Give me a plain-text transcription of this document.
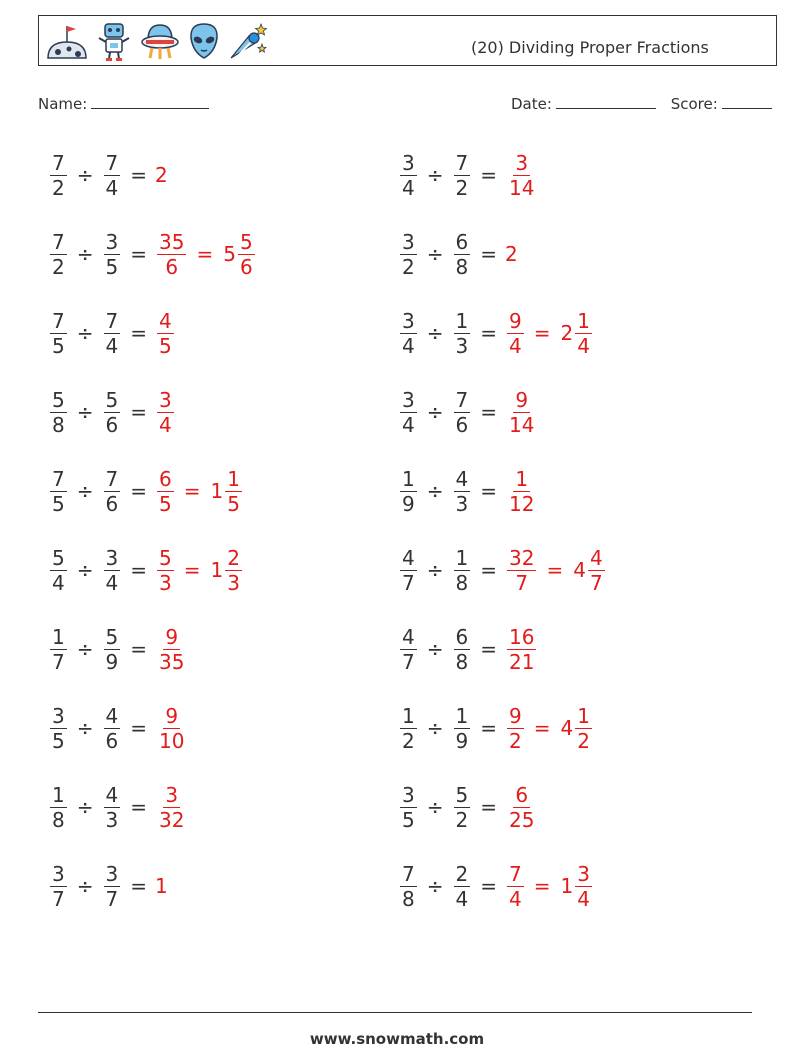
(20) Dividing Proper Fractions
Name:	Date:	Score:
$\frac{7}{2} \div \frac{7}{4} = 2$	$\frac{3}{4} \div \frac{7}{2} = \frac{3}{14}$
$\frac{7}{2} \div \frac{3}{5} = \frac{35}{6} = 5 \frac{5}{6}$	$\frac{3}{2} \div \frac{6}{8} = 2$
$\frac{7}{5} \div \frac{7}{4} = \frac{4}{5}$	$\frac{3}{4} \div \frac{1}{3} = \frac{9}{4} = 2 \frac{1}{4}$
$\frac{5}{8} \div \frac{5}{6} = \frac{3}{4}$	$\frac{3}{4} \div \frac{7}{6} = \frac{9}{14}$
$\frac{7}{5} \div \frac{7}{6} = \frac{6}{5} = 1 \frac{1}{5}$	$\frac{1}{9} \div \frac{4}{3} = \frac{1}{12}$
$\frac{5}{4} \div \frac{3}{4} = \frac{5}{3} = 1 \frac{2}{3}$	$\frac{4}{7} \div \frac{1}{8} = \frac{32}{7} = 4 \frac{4}{7}$
$\frac{1}{7} \div \frac{5}{9} = \frac{9}{35}$	$\frac{4}{7} \div \frac{6}{8} = \frac{16}{21}$
$\frac{3}{5} \div \frac{4}{6} = \frac{9}{10}$	$\frac{1}{2} \div \frac{1}{9} = \frac{9}{2} = 4 \frac{1}{2}$
$\frac{1}{8} \div \frac{4}{3} = \frac{3}{32}$	$\frac{3}{5} \div \frac{5}{2} = \frac{6}{25}$
$\frac{3}{7} \div \frac{3}{7} = 1$	$\frac{7}{8} \div \frac{2}{4} = \frac{7}{4} = 1 \frac{3}{4}$
www.snowmath.com
